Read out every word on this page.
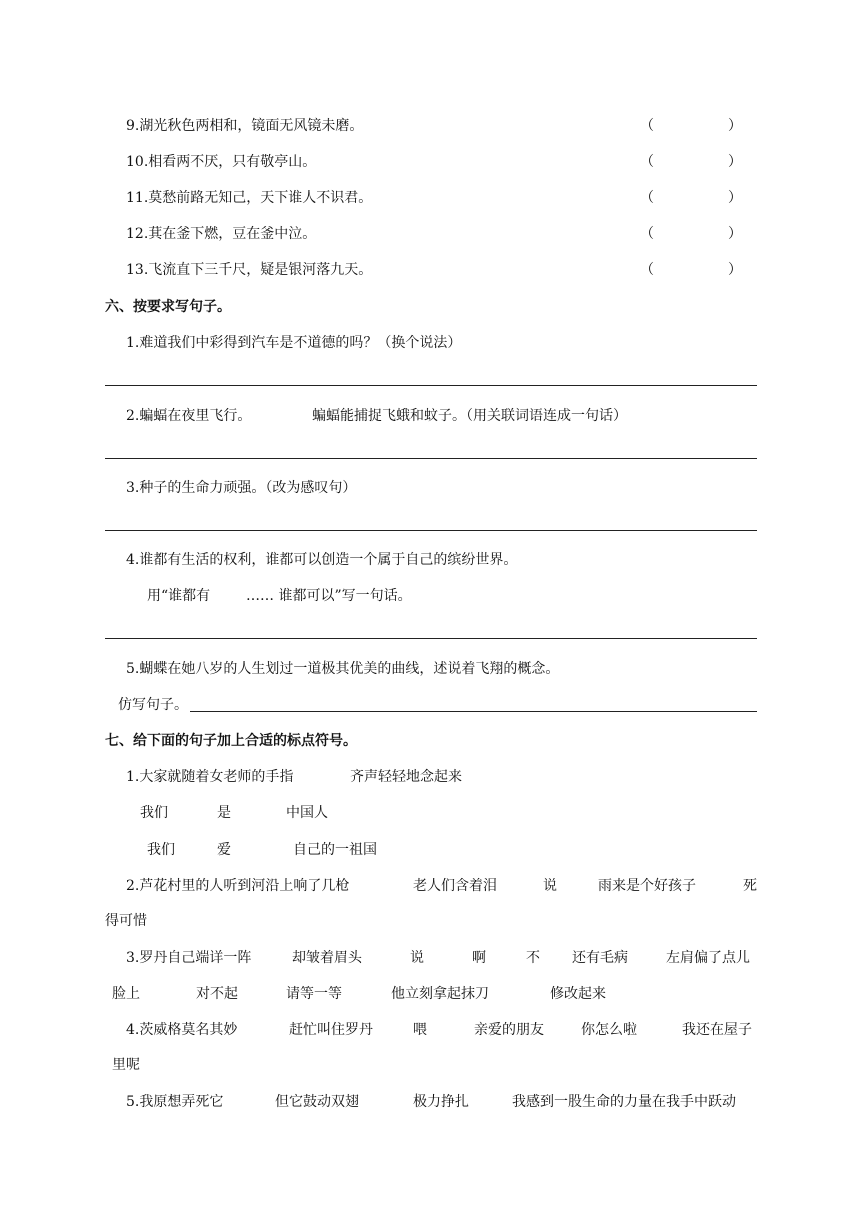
9.湖光秋色两相和，镜面无风镜未磨。	（	）
10.相看两不厌，只有敬亭山。	（	）
11.莫愁前路无知己，天下谁人不识君。	（	）
12.萁在釜下燃，豆在釜中泣。	（	）
13.飞流直下三千尺，疑是银河落九天。	（	）
六、按要求写句子。
1.难道我们中彩得到汽车是不道德的吗？（换个说法）
2.蝙蝠在夜里飞行。	蝙蝠能捕捉飞蛾和蚊子。（用关联词语连成一句话）
3.种子的生命力顽强。（改为感叹句）
4.谁都有生活的权利，谁都可以创造一个属于自己的缤纷世界。
用“谁都有	…… 谁都可以”写一句话。
5.蝴蝶在她八岁的人生划过一道极其优美的曲线，述说着飞翔的概念。
仿写句子。
七、给下面的句子加上合适的标点符号。
1.大家就随着女老师的手指	齐声轻轻地念起来
我们	是	中国人
我们	爱	自己的一祖国
2.芦花村里的人听到河沿上响了几枪	老人们含着泪	说	雨来是个好孩子	死
得可惜
3.罗丹自己端详一阵	却皱着眉头	说	啊	不 还有毛病	左肩偏了点儿
脸上	对不起	请等一等	他立刻拿起抹刀	修改起来
4.茨威格莫名其妙	赶忙叫住罗丹	喂	亲爱的朋友	你怎么啦	我还在屋子
里呢
5.我原想弄死它	但它鼓动双翅	极力挣扎	我感到一股生命的力量在我手中跃动
